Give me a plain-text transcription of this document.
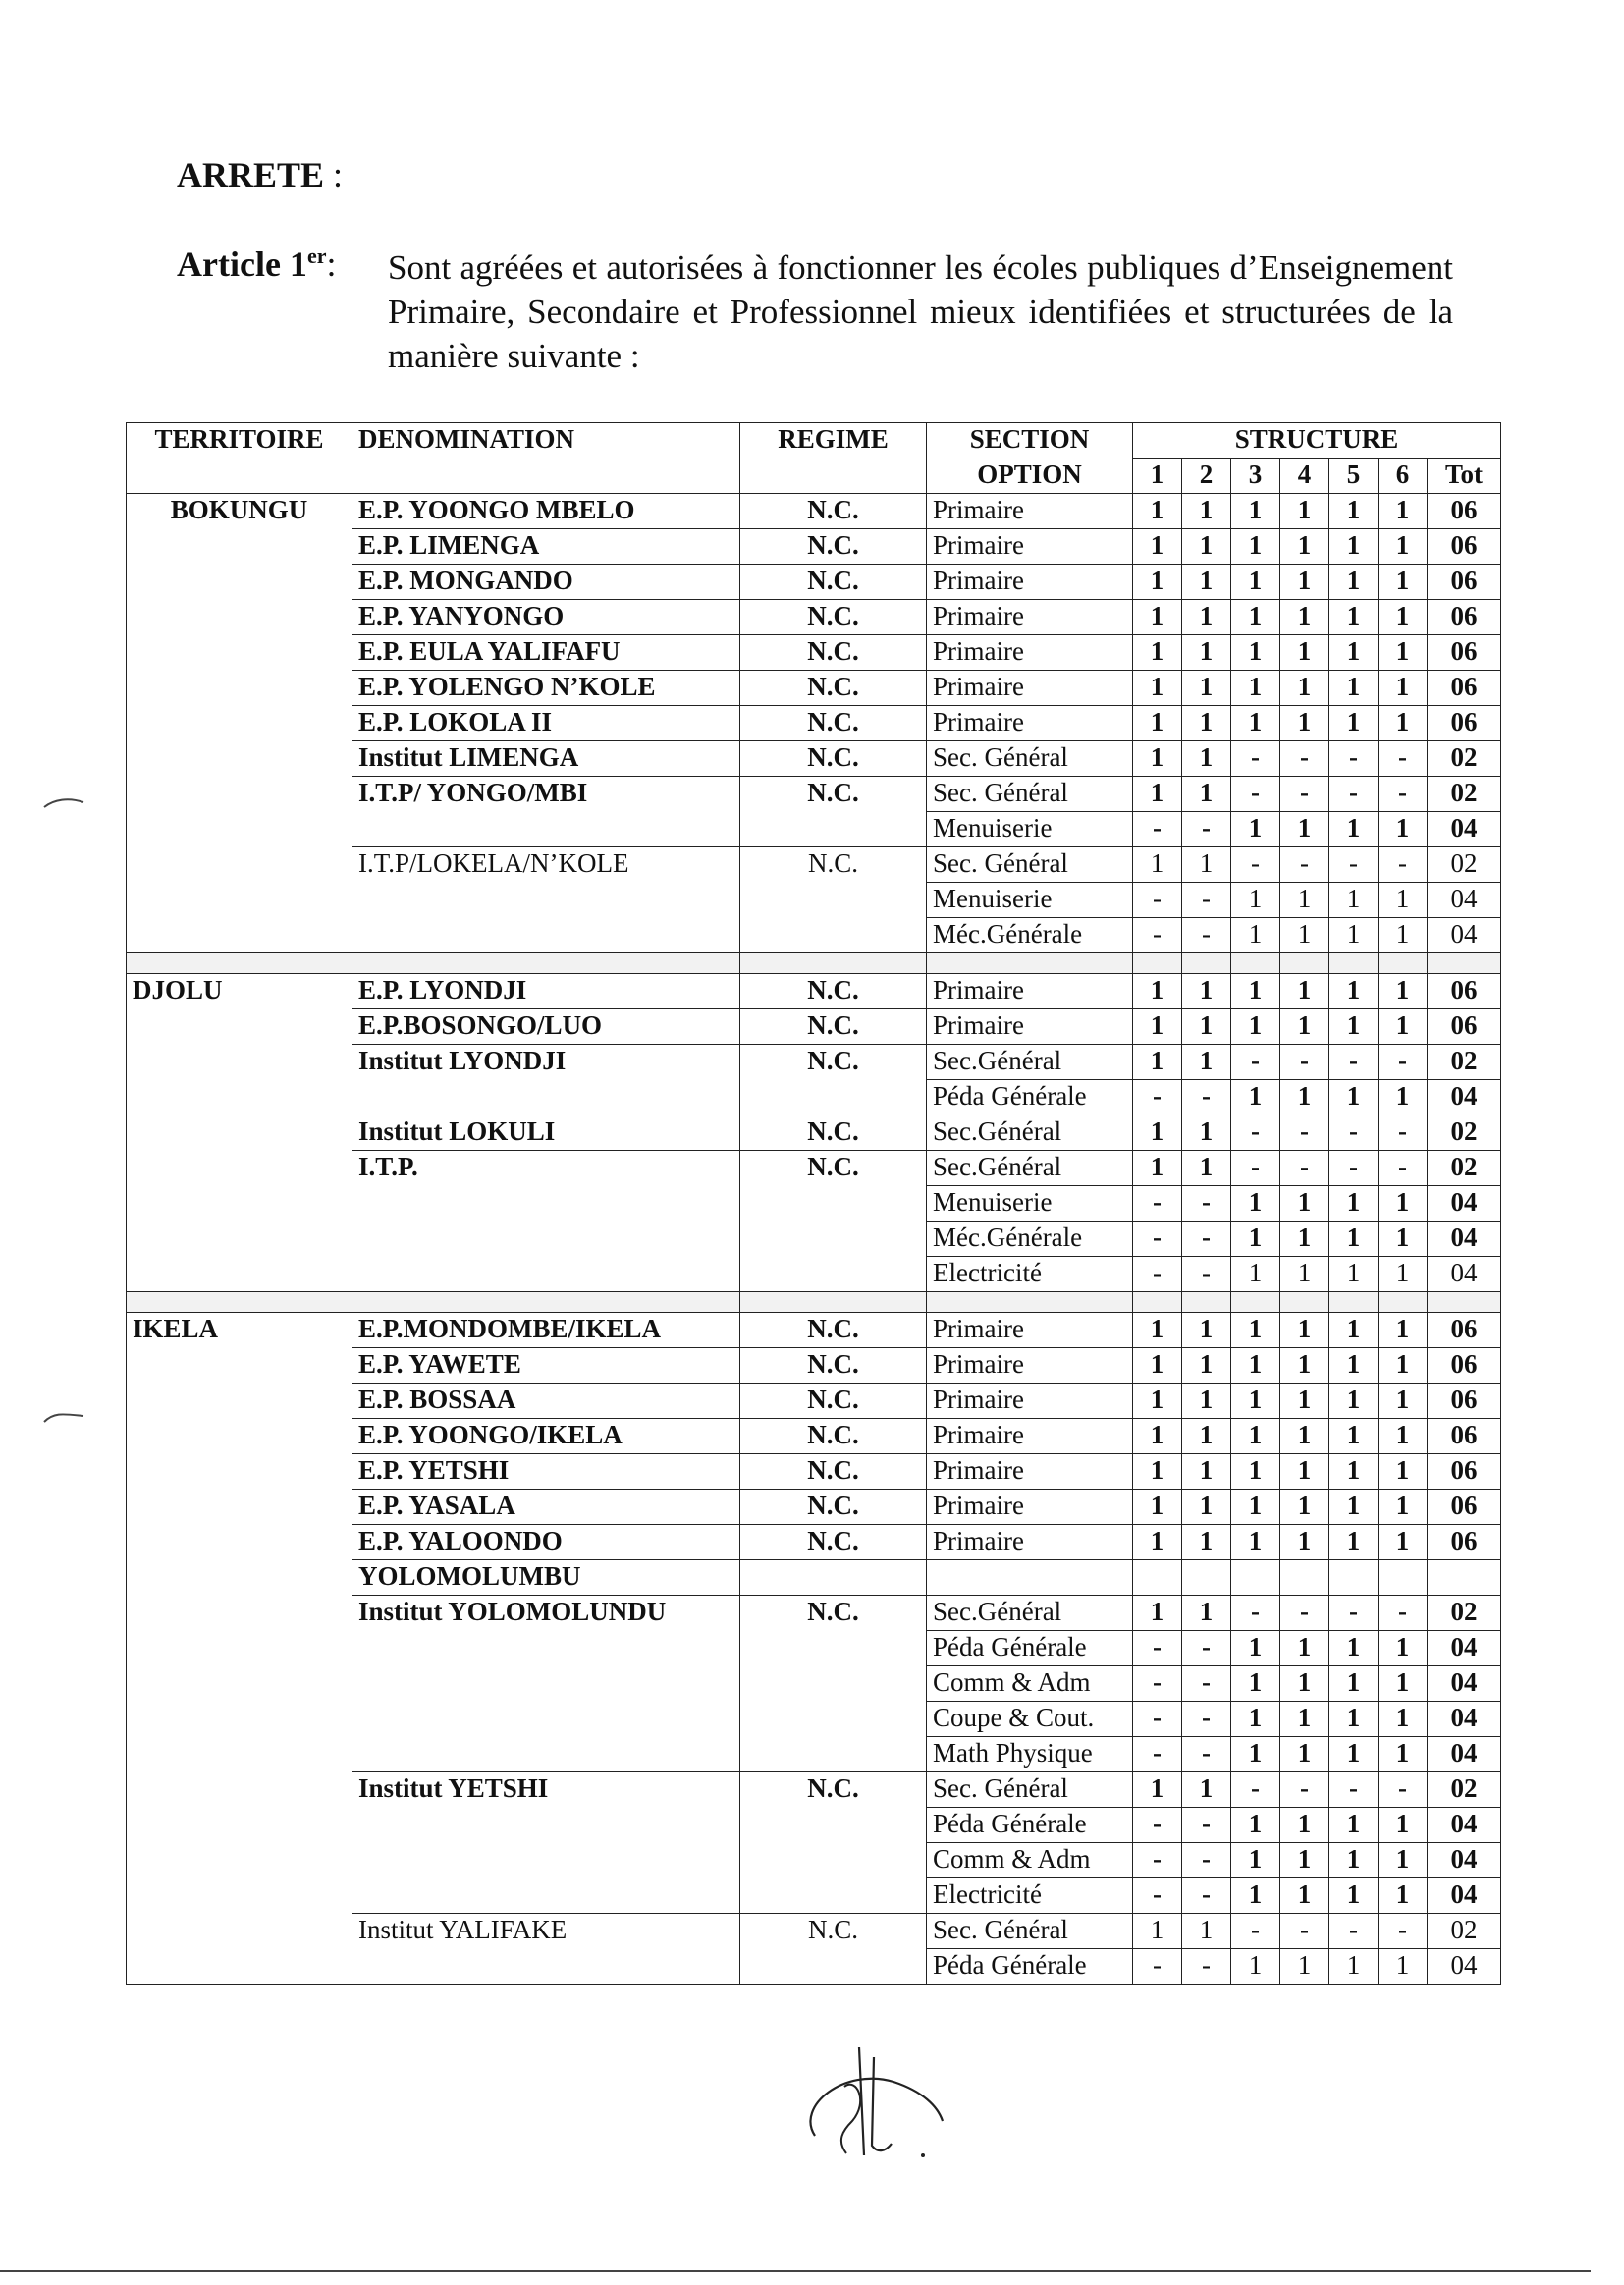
ARRETE :
Article 1er: Sont agréées et autorisées à fonctionner les écoles publiques d’Enseignement Primaire, Secondaire et Professionnel mieux identifiées et structurées de la manière suivante :
TERRITOIRE	DENOMINATION	REGIME	SECTION	STRUCTURE						
			OPTION	1	2	3	4	5	6	Tot
BOKUNGU	E.P. YOONGO MBELO	N.C.	Primaire	1	1	1	1	1	1	06
	E.P. LIMENGA	N.C.	Primaire	1	1	1	1	1	1	06
	E.P. MONGANDO	N.C.	Primaire	1	1	1	1	1	1	06
	E.P. YANYONGO	N.C.	Primaire	1	1	1	1	1	1	06
	E.P. EULA YALIFAFU	N.C.	Primaire	1	1	1	1	1	1	06
	E.P. YOLENGO N’KOLE	N.C.	Primaire	1	1	1	1	1	1	06
	E.P. LOKOLA II	N.C.	Primaire	1	1	1	1	1	1	06
	Institut LIMENGA	N.C.	Sec. Général	1	1	-	-	-	-	02
	I.T.P/ YONGO/MBI	N.C.	Sec. Général	1	1	-	-	-	-	02
			Menuiserie	-	-	1	1	1	1	04
	I.T.P/LOKELA/N’KOLE	N.C.	Sec. Général	1	1	-	-	-	-	02
			Menuiserie	-	-	1	1	1	1	04
			Méc.Générale	-	-	1	1	1	1	04

DJOLU	E.P. LYONDJI	N.C.	Primaire	1	1	1	1	1	1	06
	E.P.BOSONGO/LUO	N.C.	Primaire	1	1	1	1	1	1	06
	Institut LYONDJI	N.C.	Sec.Général	1	1	-	-	-	-	02
			Péda Générale	-	-	1	1	1	1	04
	Institut LOKULI	N.C.	Sec.Général	1	1	-	-	-	-	02
	I.T.P.	N.C.	Sec.Général	1	1	-	-	-	-	02
			Menuiserie	-	-	1	1	1	1	04
			Méc.Générale	-	-	1	1	1	1	04
			Electricité	-	-	1	1	1	1	04

IKELA	E.P.MONDOMBE/IKELA	N.C.	Primaire	1	1	1	1	1	1	06
	E.P. YAWETE	N.C.	Primaire	1	1	1	1	1	1	06
	E.P. BOSSAA	N.C.	Primaire	1	1	1	1	1	1	06
	E.P. YOONGO/IKELA	N.C.	Primaire	1	1	1	1	1	1	06
	E.P. YETSHI	N.C.	Primaire	1	1	1	1	1	1	06
	E.P. YASALA	N.C.	Primaire	1	1	1	1	1	1	06
	E.P. YALOONDO	N.C.	Primaire	1	1	1	1	1	1	06
	YOLOMOLUMBU									
	Institut YOLOMOLUNDU	N.C.	Sec.Général	1	1	-	-	-	-	02
			Péda Générale	-	-	1	1	1	1	04
			Comm & Adm	-	-	1	1	1	1	04
			Coupe & Cout.	-	-	1	1	1	1	04
			Math Physique	-	-	1	1	1	1	04
	Institut YETSHI	N.C.	Sec. Général	1	1	-	-	-	-	02
			Péda Générale	-	-	1	1	1	1	04
			Comm & Adm	-	-	1	1	1	1	04
			Electricité	-	-	1	1	1	1	04
	Institut YALIFAKE	N.C.	Sec. Général	1	1	-	-	-	-	02
			Péda Générale	-	-	1	1	1	1	04
